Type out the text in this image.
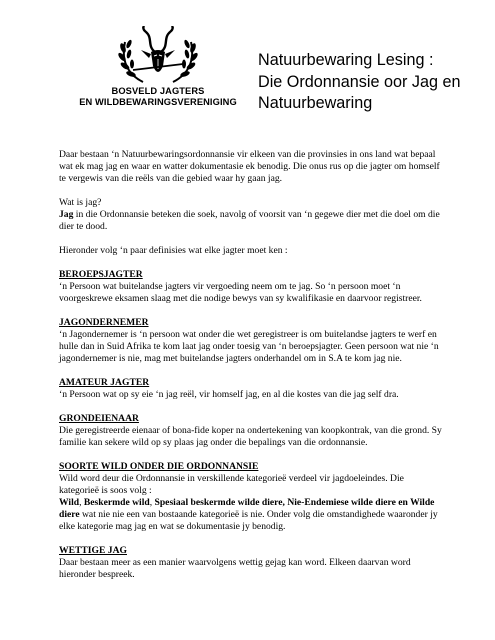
BOSVELD JAGTERS
EN WILDBEWARINGSVERENIGING
Natuurbewaring Lesing :
Die Ordonnansie oor Jag en
Natuurbewaring

Daar bestaan ‘n Natuurbewaringsordonnansie vir elkeen van die provinsies in ons land wat bepaal
wat ek mag jag en waar en watter dokumentasie ek benodig. Die onus rus op die jagter om homself
te vergewis van die reëls van die gebied waar hy gaan jag.

Wat is jag?
Jag in die Ordonnansie beteken die soek, navolg of voorsit van ‘n gegewe dier met die doel om die
dier te dood.

Hieronder volg ‘n paar definisies wat elke jagter moet ken :

BEROEPSJAGTER

‘n Persoon wat buitelandse jagters vir vergoeding neem om te jag. So ‘n persoon moet ‘n
voorgeskrewe eksamen slaag met die nodige bewys van sy kwalifikasie en daarvoor registreer.

JAGONDERNEMER

‘n Jagondernemer is ‘n persoon wat onder die wet geregistreer is om buitelandse jagters te werf en
hulle dan in Suid Afrika te kom laat jag onder toesig van ‘n beroepsjagter. Geen persoon wat nie ‘n
jagondernemer is nie, mag met buitelandse jagters onderhandel om in S.A te kom jag nie.

AMATEUR JAGTER

‘n Persoon wat op sy eie ‘n jag reël, vir homself jag, en al die kostes van die jag self dra.

GRONDEIENAAR

Die geregistreerde eienaar of bona-fide koper na ondertekening van koopkontrak, van die grond. Sy
familie kan sekere wild op sy plaas jag onder die bepalings van die ordonnansie.

SOORTE WILD ONDER DIE ORDONNANSIE

Wild word deur die Ordonnansie in verskillende kategorieë verdeel vir jagdoeleindes. Die
kategorieë is soos volg :
Wild, Beskermde wild, Spesiaal beskermde wilde diere, Nie-Endemiese wilde diere en Wilde
diere wat nie nie een van bostaande kategorieë is nie. Onder volg die omstandighede waaronder jy
elke kategorie mag jag en wat se dokumentasie jy benodig.

WETTIGE JAG

Daar bestaan meer as een manier waarvolgens wettig gejag kan word. Elkeen daarvan word
hieronder bespreek.
